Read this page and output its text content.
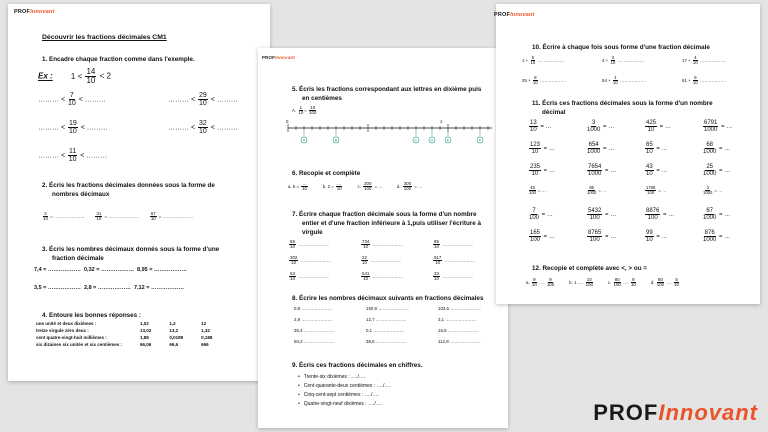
PROFInnovant
Découvrir les fractions décimales CM1
1. Encadre chaque fraction comme dans l'exemple.
Ex : $1 < \frac{14}{10} < 2$
……… < $\frac{7}{10}$ < ………	……… < $\frac{29}{10}$ < ………
……… < $\frac{19}{10}$ < ………	……… < $\frac{32}{10}$ < ………
……… < $\frac{11}{10}$ < ………
2. Écris les fractions décimales données sous la forme de
nombres décimaux
$\frac{2}{10}$ = ………………… $\frac{31}{10}$ = ………………… $\frac{67}{10}$ = …………………
3. Écris les nombres décimaux donnés sous la forme d'une
fraction décimale
7,4 = ……………… 0,32 = ……………… 8,95 = ………………
3,5 = ……………… 2,8 = ……………… 7,12 = ………………
4. Entoure les bonnes réponses :
une unité et deux dixièmes :	1,02	1,2	12
treize virgule zéro deux :	13,02	13,2	1,32
cent quatre-vingt-huit millièmes :	1,88	0,0188	0,188
six dizaines six unités et six centièmes :	66,06	66,6	666
PROFInnovant
5. Écris les fractions correspondant aux lettres en dixième puis
en centièmes
A. $\frac{1}{10} = \frac{10}{100}$
A	B	C	D	E	F
0	1
6. Recopie et complète
a. $5 = \frac{\dots}{10}$	b. $2 = \frac{\dots}{10}$	c. $\frac{200}{100}$ = …	d. $\frac{300}{100}$ = …
7. Écrire chaque fraction décimale sous la forme d'un nombre
entier et d'une fraction inférieure à 1,puis utiliser l'écriture à
virgule
$\frac{56}{10}$ …………………	$\frac{734}{10}$ …………………	$\frac{85}{10}$ …………………
$\frac{302}{10}$ …………………	$\frac{22}{10}$ …………………	$\frac{917}{10}$ …………………
$\frac{63}{10}$ …………………	$\frac{541}{10}$ …………………	$\frac{33}{10}$ …………………
8. Écrire les nombres décimaux suivants en fractions décimales
0,8 …………………	150,9 …………………	103,6 …………………
2,9 …………………	12,7 …………………	3,1 …………………
35,4 …………………	0,1 …………………	16,5 …………………
50,2 …………………	38,6 …………………	112,8 …………………
9. Écris ces fractions décimales en chiffres.
• Trente-six dixièmes : …./….
• Cent-quarante-deux centièmes : …./….
• Cinq-cent-sept centièmes : …./….
• Quatre-vingt-neuf dixièmes : …./….
PROFInnovant
10. Écrire à chaque fois sous forme d'une fraction décimale
$1 + \frac{5}{10}$ ………………	$4 + \frac{3}{10}$ ………………	$17 + \frac{4}{10}$ ………………
$25 + \frac{8}{10}$ ………………	$54 + \frac{1}{10}$ ………………	$61 + \frac{9}{10}$ ………………
11. Écris ces fractions décimales sous la forme d'un nombre
décimal
$\frac{13}{10}$ = …	$\frac{3}{1000}$ = …	$\frac{425}{10}$ = …	$\frac{6791}{1000}$ = …
$\frac{123}{10}$ = …	$\frac{654}{1000}$ = …	$\frac{65}{10}$ = …	$\frac{68}{1000}$ = …
$\frac{235}{10}$ = …	$\frac{7654}{1000}$ = …	$\frac{43}{10}$ = …	$\frac{25}{1000}$ = …
$\frac{48}{100}$ = …	$\frac{86}{1000}$ = …	$\frac{1768}{100}$ = …	$\frac{3}{1000}$ = …
$\frac{7}{100}$ = …	$\frac{5432}{100}$ = …	$\frac{8876}{100}$ = …	$\frac{67}{1000}$ = …
$\frac{165}{100}$ = …	$\frac{8765}{100}$ = …	$\frac{99}{10}$ = …	$\frac{876}{1000}$ = …
12. Recopie et complète avec <, > ou =
a. $\frac{9}{10}$ …. $\frac{9}{100}$	b. 1 …. $\frac{10}{100}$	c. $\frac{80}{100}$ …. $\frac{8}{10}$	d. $\frac{50}{100}$ …. $\frac{5}{10}$
PROFInnovant
